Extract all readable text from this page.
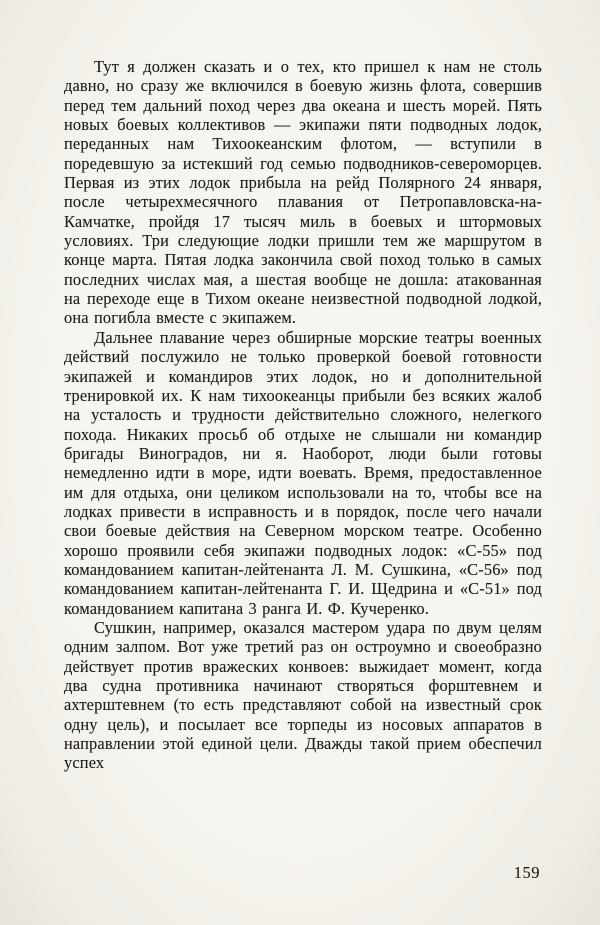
Тут я должен сказать и о тех, кто пришел к нам не столь давно, но сразу же включился в боевую жизнь флота, совершив перед тем дальний поход через два океана и шесть морей. Пять новых боевых коллективов — экипажи пяти подводных лодок, переданных нам Тихоокеанским флотом, — вступили в поредевшую за истекший год семью подводников-североморцев. Первая из этих лодок прибыла на рейд Полярного 24 января, после четырехмесячного плавания от Петропавловска-на-Камчатке, пройдя 17 тысяч миль в боевых и штормовых условиях. Три следующие лодки пришли тем же маршрутом в конце марта. Пятая лодка закончила свой поход только в самых последних числах мая, а шестая вообще не дошла: атакованная на переходе еще в Тихом океане неизвестной подводной лодкой, она погибла вместе с экипажем.

Дальнее плавание через обширные морские театры военных действий послужило не только проверкой боевой готовности экипажей и командиров этих лодок, но и дополнительной тренировкой их. К нам тихоокеанцы прибыли без всяких жалоб на усталость и трудности действительно сложного, нелегкого похода. Никаких просьб об отдыхе не слышали ни командир бригады Виноградов, ни я. Наоборот, люди были готовы немедленно идти в море, идти воевать. Время, предоставленное им для отдыха, они целиком использовали на то, чтобы все на лодках привести в исправность и в порядок, после чего начали свои боевые действия на Северном морском театре. Особенно хорошо проявили себя экипажи подводных лодок: «С-55» под командованием капитан-лейтенанта Л. М. Сушкина, «С-56» под командованием капитан-лейтенанта Г. И. Щедрина и «С-51» под командованием капитана 3 ранга И. Ф. Кучеренко.

Сушкин, например, оказался мастером удара по двум целям одним залпом. Вот уже третий раз он остроумно и своеобразно действует против вражеских конвоев: выжидает момент, когда два судна противника начинают створяться форштевнем и ахтерштевнем (то есть представляют собой на известный срок одну цель), и посылает все торпеды из носовых аппаратов в направлении этой единой цели. Дважды такой прием обеспечил успех

159
